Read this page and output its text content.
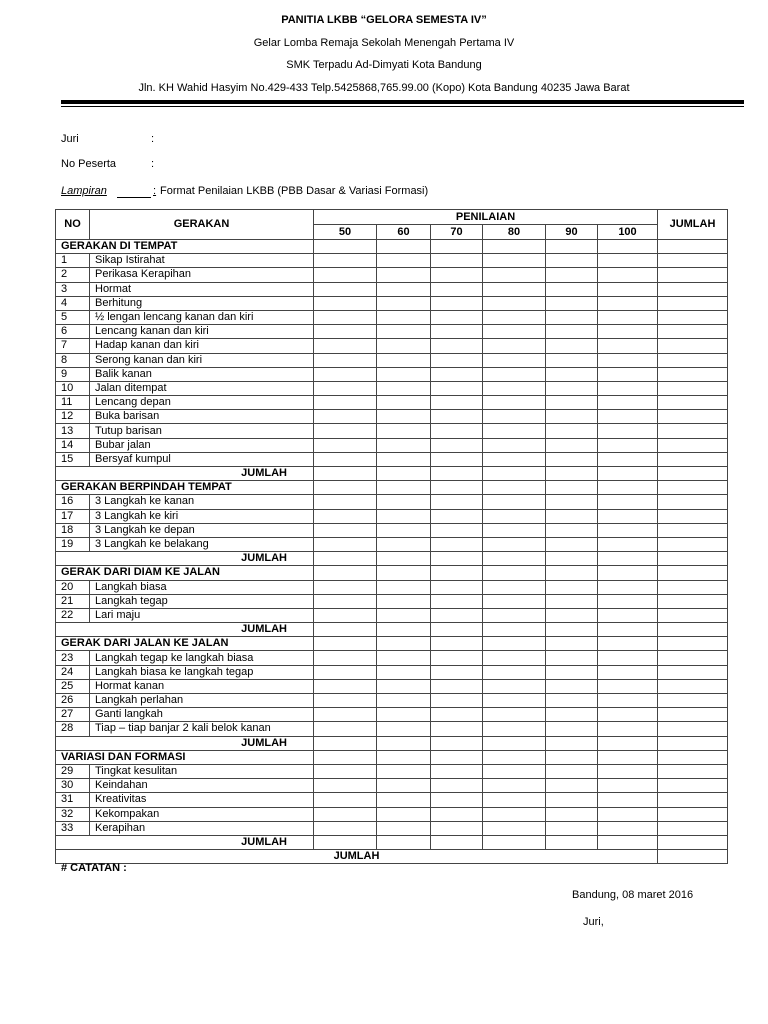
PANITIA LKBB “GELORA SEMESTA IV”
Gelar Lomba Remaja Sekolah Menengah Pertama IV
SMK Terpadu Ad-Dimyati Kota Bandung
Jln. KH Wahid Hasyim No.429-433 Telp.5425868,765.99.00 (Kopo) Kota Bandung 40235 Jawa Barat
Juri	:
No Peserta	:
Lampiran	: Format Penilaian LKBB (PBB Dasar & Variasi Formasi)
NO	GERAKAN	PENILAIAN						JUMLAH
		50	60	70	80	90	100	
GERAKAN DI TEMPAT								
1	Sikap Istirahat							
2	Perikasa Kerapihan							
3	Hormat							
4	Berhitung							
5	½ lengan lencang kanan dan kiri							
6	Lencang kanan dan kiri							
7	Hadap kanan dan kiri							
8	Serong kanan dan kiri							
9	Balik kanan							
10	Jalan ditempat							
11	Lencang depan							
12	Buka barisan							
13	Tutup barisan							
14	Bubar jalan							
15	Bersyaf kumpul							
JUMLAH								
GERAKAN BERPINDAH TEMPAT								
16	3 Langkah ke kanan							
17	3 Langkah ke kiri							
18	3 Langkah ke depan							
19	3 Langkah ke belakang							
JUMLAH								
GERAK DARI DIAM KE JALAN								
20	Langkah biasa							
21	Langkah tegap							
22	Lari maju							
JUMLAH								
GERAK DARI JALAN KE JALAN								
23	Langkah tegap ke langkah biasa							
24	Langkah biasa ke langkah tegap							
25	Hormat kanan							
26	Langkah perlahan							
27	Ganti langkah							
28	Tiap – tiap banjar 2 kali belok kanan							
JUMLAH								
VARIASI DAN FORMASI								
29	Tingkat kesulitan							
30	Keindahan							
31	Kreativitas							
32	Kekompakan							
33	Kerapihan							
JUMLAH								
JUMLAH								
# CATATAN :
Bandung, 08 maret 2016
Juri,
